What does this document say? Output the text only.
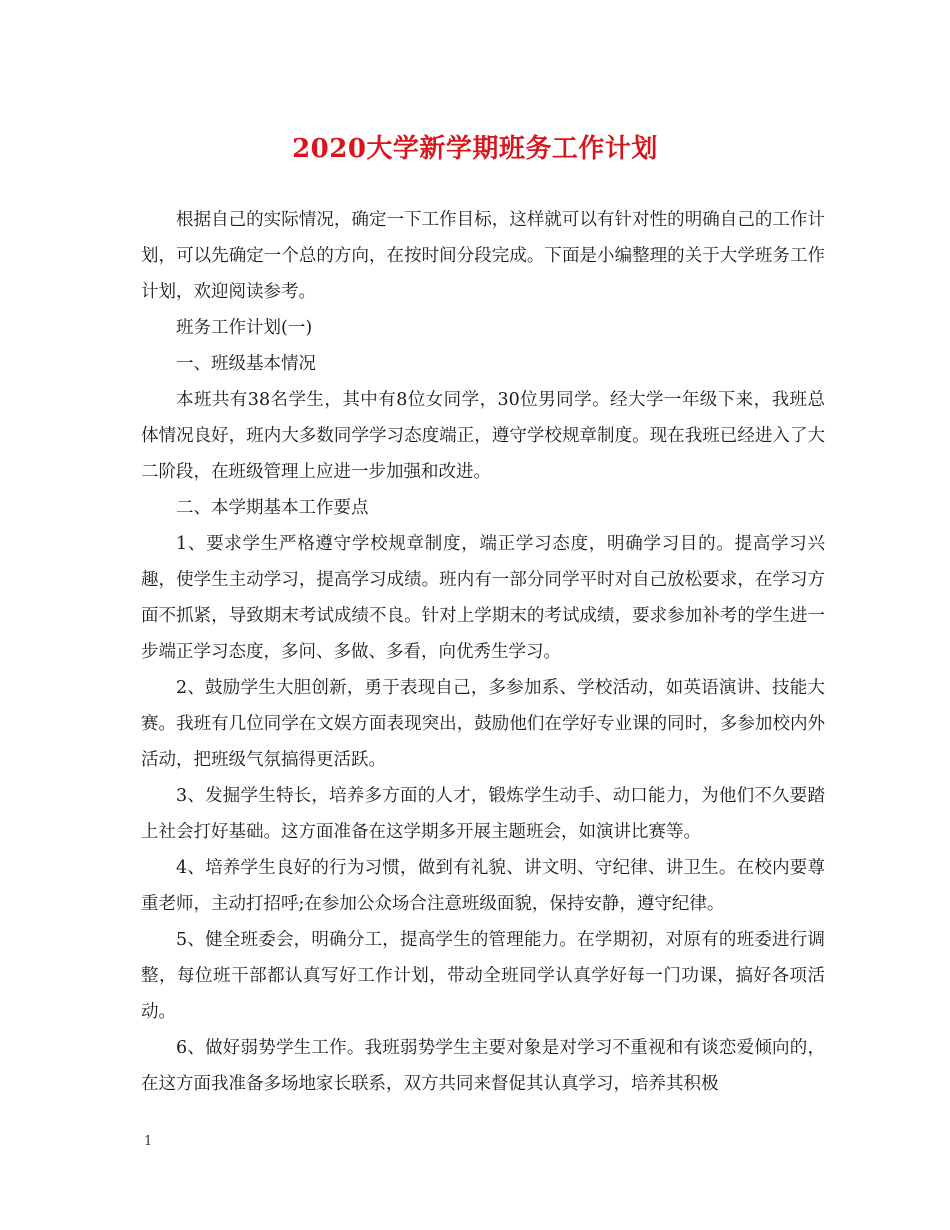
2020大学新学期班务工作计划

根据自己的实际情况，确定一下工作目标，这样就可以有针对性的明确自己的工作计划，可以先确定一个总的方向，在按时间分段完成。下面是小编整理的关于大学班务工作计划，欢迎阅读参考。

班务工作计划(一)

一、班级基本情况

本班共有38名学生，其中有8位女同学，30位男同学。经大学一年级下来，我班总体情况良好，班内大多数同学学习态度端正，遵守学校规章制度。现在我班已经进入了大二阶段，在班级管理上应进一步加强和改进。

二、本学期基本工作要点

1、要求学生严格遵守学校规章制度，端正学习态度，明确学习目的。提高学习兴趣，使学生主动学习，提高学习成绩。班内有一部分同学平时对自己放松要求，在学习方面不抓紧，导致期末考试成绩不良。针对上学期末的考试成绩，要求参加补考的学生进一步端正学习态度，多问、多做、多看，向优秀生学习。

2、鼓励学生大胆创新，勇于表现自己，多参加系、学校活动，如英语演讲、技能大赛。我班有几位同学在文娱方面表现突出，鼓励他们在学好专业课的同时，多参加校内外活动，把班级气氛搞得更活跃。

3、发掘学生特长，培养多方面的人才，锻炼学生动手、动口能力，为他们不久要踏上社会打好基础。这方面准备在这学期多开展主题班会，如演讲比赛等。

4、培养学生良好的行为习惯，做到有礼貌、讲文明、守纪律、讲卫生。在校内要尊重老师，主动打招呼;在参加公众场合注意班级面貌，保持安静，遵守纪律。

5、健全班委会，明确分工，提高学生的管理能力。在学期初，对原有的班委进行调整，每位班干部都认真写好工作计划，带动全班同学认真学好每一门功课，搞好各项活动。

6、做好弱势学生工作。我班弱势学生主要对象是对学习不重视和有谈恋爱倾向的，在这方面我准备多场地家长联系，双方共同来督促其认真学习，培养其积极

1
